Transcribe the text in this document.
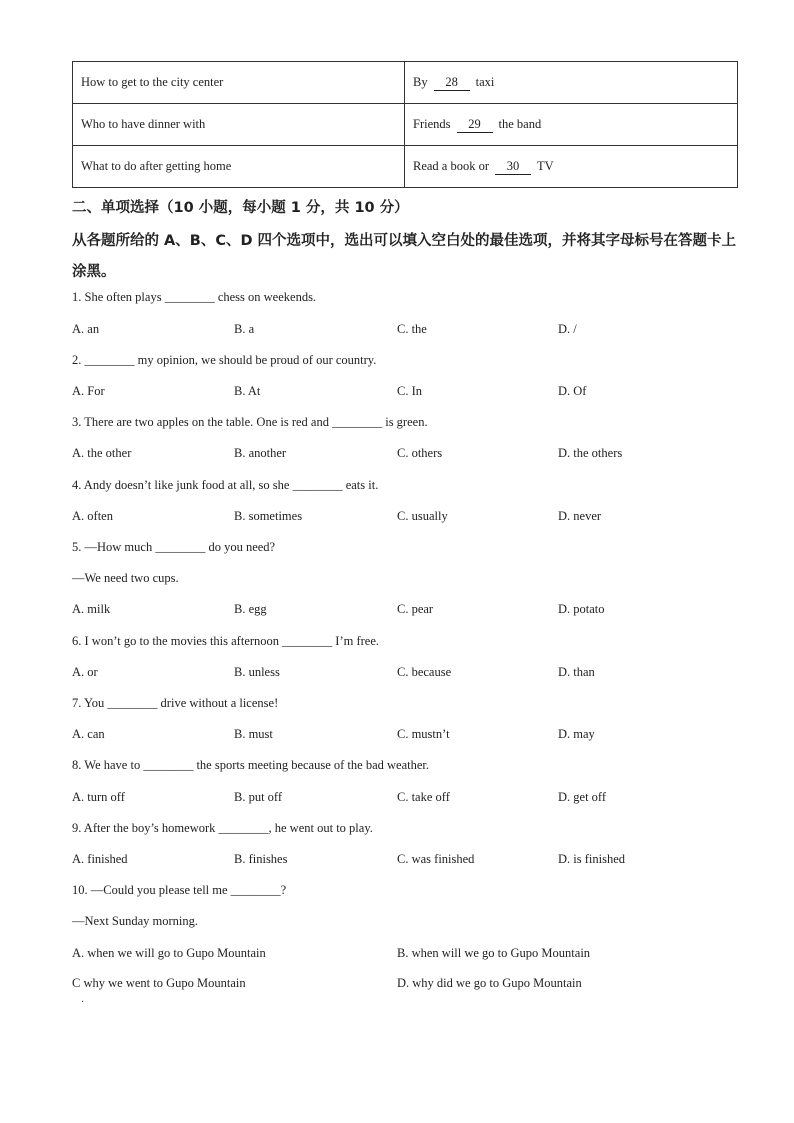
How to get to the city center	By 28 taxi
Who to have dinner with	Friends 29 the band
What to do after getting home	Read a book or 30 TV
二、单项选择（10 小题，每小题 1 分，共 10 分）
从各题所给的 A、B、C、D 四个选项中，选出可以填入空白处的最佳选项，并将其字母标号在答题卡上涂黑。
1. She often plays ________ chess on weekends.
A. an	B. a	C. the	D. /
2. ________ my opinion, we should be proud of our country.
A. For	B. At	C. In	D. Of
3. There are two apples on the table. One is red and ________ is green.
A. the other	B. another	C. others	D. the others
4. Andy doesn’t like junk food at all, so she ________ eats it.
A. often	B. sometimes	C. usually	D. never
5. —How much ________ do you need?
—We need two cups.
A. milk	B. egg	C. pear	D. potato
6. I won’t go to the movies this afternoon ________ I’m free.
A. or	B. unless	C. because	D. than
7. You ________ drive without a license!
A. can	B. must	C. mustn’t	D. may
8. We have to ________ the sports meeting because of the bad weather.
A. turn off	B. put off	C. take off	D. get off
9. After the boy’s homework ________, he went out to play.
A. finished	B. finishes	C. was finished	D. is finished
10. —Could you please tell me ________?
—Next Sunday morning.
A. when we will go to Gupo Mountain	B. when will we go to Gupo Mountain
C why we went to Gupo Mountain	D. why did we go to Gupo Mountain
·
